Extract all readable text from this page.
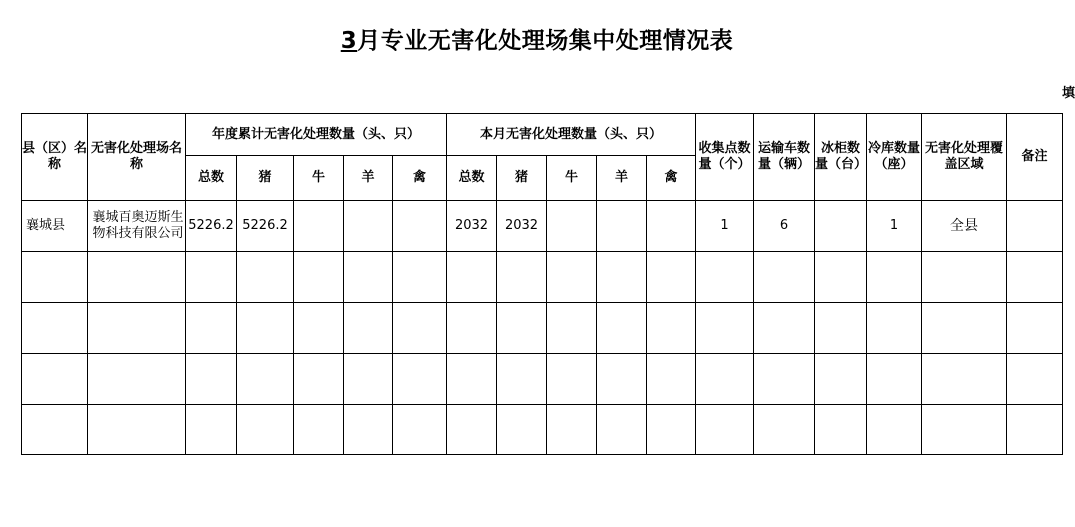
3月专业无害化处理场集中处理情况表
填
县（区）名称	无害化处理场名称	年度累计无害化处理数量（头、只）					本月无害化处理数量（头、只）					收集点数量（个）	运输车数量（辆）	冰柜数量（台）	冷库数量（座）	无害化处理覆盖区域	备注
		总数	猪	牛	羊	禽	总数	猪	牛	羊	禽						
襄城县	襄城百奥迈斯生物科技有限公司	5226.2	5226.2				2032	2032				1	6		1	全县	
